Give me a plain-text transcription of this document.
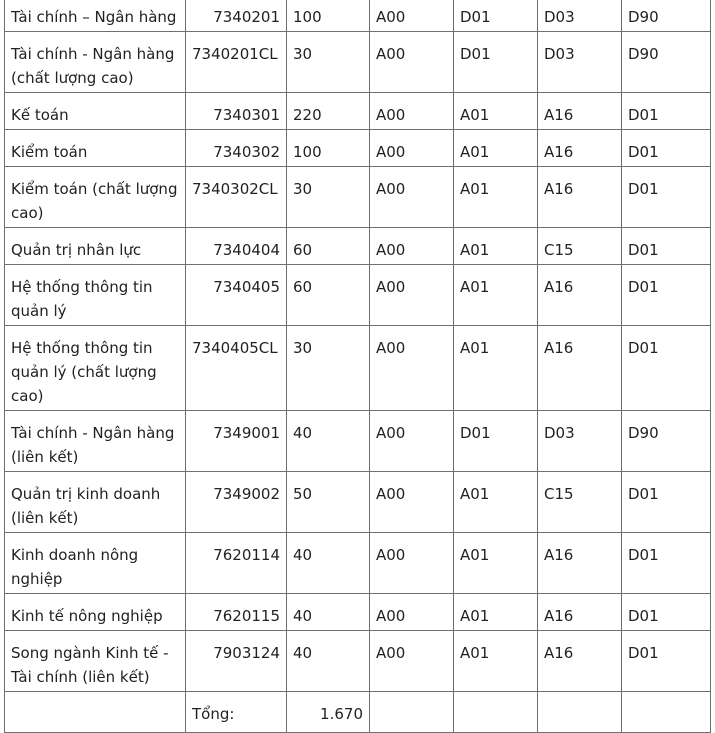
Tài chính – Ngân hàng	7340201	100	A00	D01	D03	D90
Tài chính - Ngân hàng (chất lượng cao)	7340201CL	30	A00	D01	D03	D90
Kế toán	7340301	220	A00	A01	A16	D01
Kiểm toán	7340302	100	A00	A01	A16	D01
Kiểm toán (chất lượng cao)	7340302CL	30	A00	A01	A16	D01
Quản trị nhân lực	7340404	60	A00	A01	C15	D01
Hệ thống thông tin quản lý	7340405	60	A00	A01	A16	D01
Hệ thống thông tin quản lý (chất lượng cao)	7340405CL	30	A00	A01	A16	D01
Tài chính - Ngân hàng (liên kết)	7349001	40	A00	D01	D03	D90
Quản trị kinh doanh (liên kết)	7349002	50	A00	A01	C15	D01
Kinh doanh nông nghiệp	7620114	40	A00	A01	A16	D01
Kinh tế nông nghiệp	7620115	40	A00	A01	A16	D01
Song ngành Kinh tế - Tài chính (liên kết)	7903124	40	A00	A01	A16	D01
	Tổng:	1.670				
